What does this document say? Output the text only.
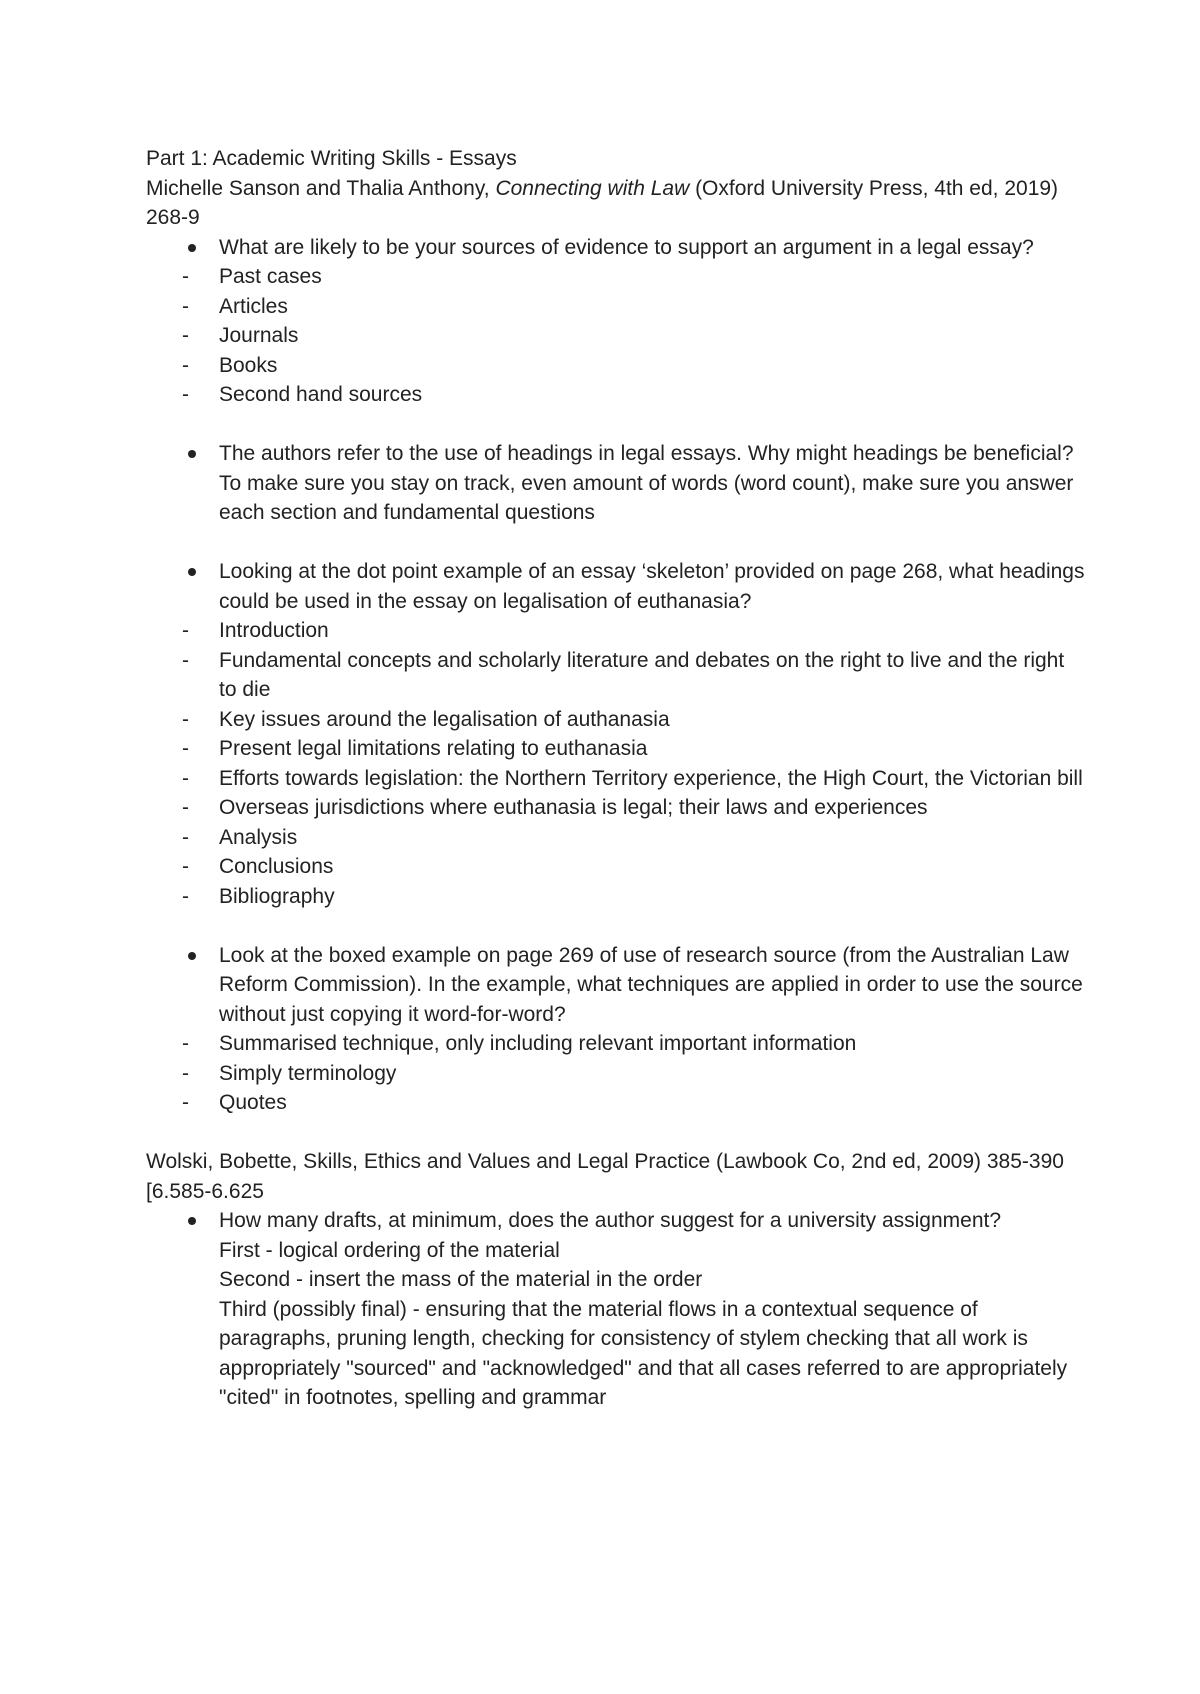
Part 1: Academic Writing Skills - Essays
Michelle Sanson and Thalia Anthony, Connecting with Law (Oxford University Press, 4th ed, 2019) 268-9
What are likely to be your sources of evidence to support an argument in a legal essay?
- Past cases
- Articles
- Journals
- Books
- Second hand sources
The authors refer to the use of headings in legal essays. Why might headings be beneficial?
To make sure you stay on track, even amount of words (word count), make sure you answer each section and fundamental questions
Looking at the dot point example of an essay ‘skeleton’ provided on page 268, what headings could be used in the essay on legalisation of euthanasia?
- Introduction
- Fundamental concepts and scholarly literature and debates on the right to live and the right to die
- Key issues around the legalisation of authanasia
- Present legal limitations relating to euthanasia
- Efforts towards legislation: the Northern Territory experience, the High Court, the Victorian bill
- Overseas jurisdictions where euthanasia is legal; their laws and experiences
- Analysis
- Conclusions
- Bibliography
Look at the boxed example on page 269 of use of research source (from the Australian Law Reform Commission). In the example, what techniques are applied in order to use the source without just copying it word-for-word?
- Summarised technique, only including relevant important information
- Simply terminology
- Quotes
Wolski, Bobette, Skills, Ethics and Values and Legal Practice (Lawbook Co, 2nd ed, 2009) 385-390 [6.585-6.625
How many drafts, at minimum, does the author suggest for a university assignment?
First - logical ordering of the material
Second - insert the mass of the material in the order
Third (possibly final) - ensuring that the material flows in a contextual sequence of paragraphs, pruning length, checking for consistency of stylem checking that all work is appropriately "sourced" and "acknowledged" and that all cases referred to are appropriately "cited" in footnotes, spelling and grammar
